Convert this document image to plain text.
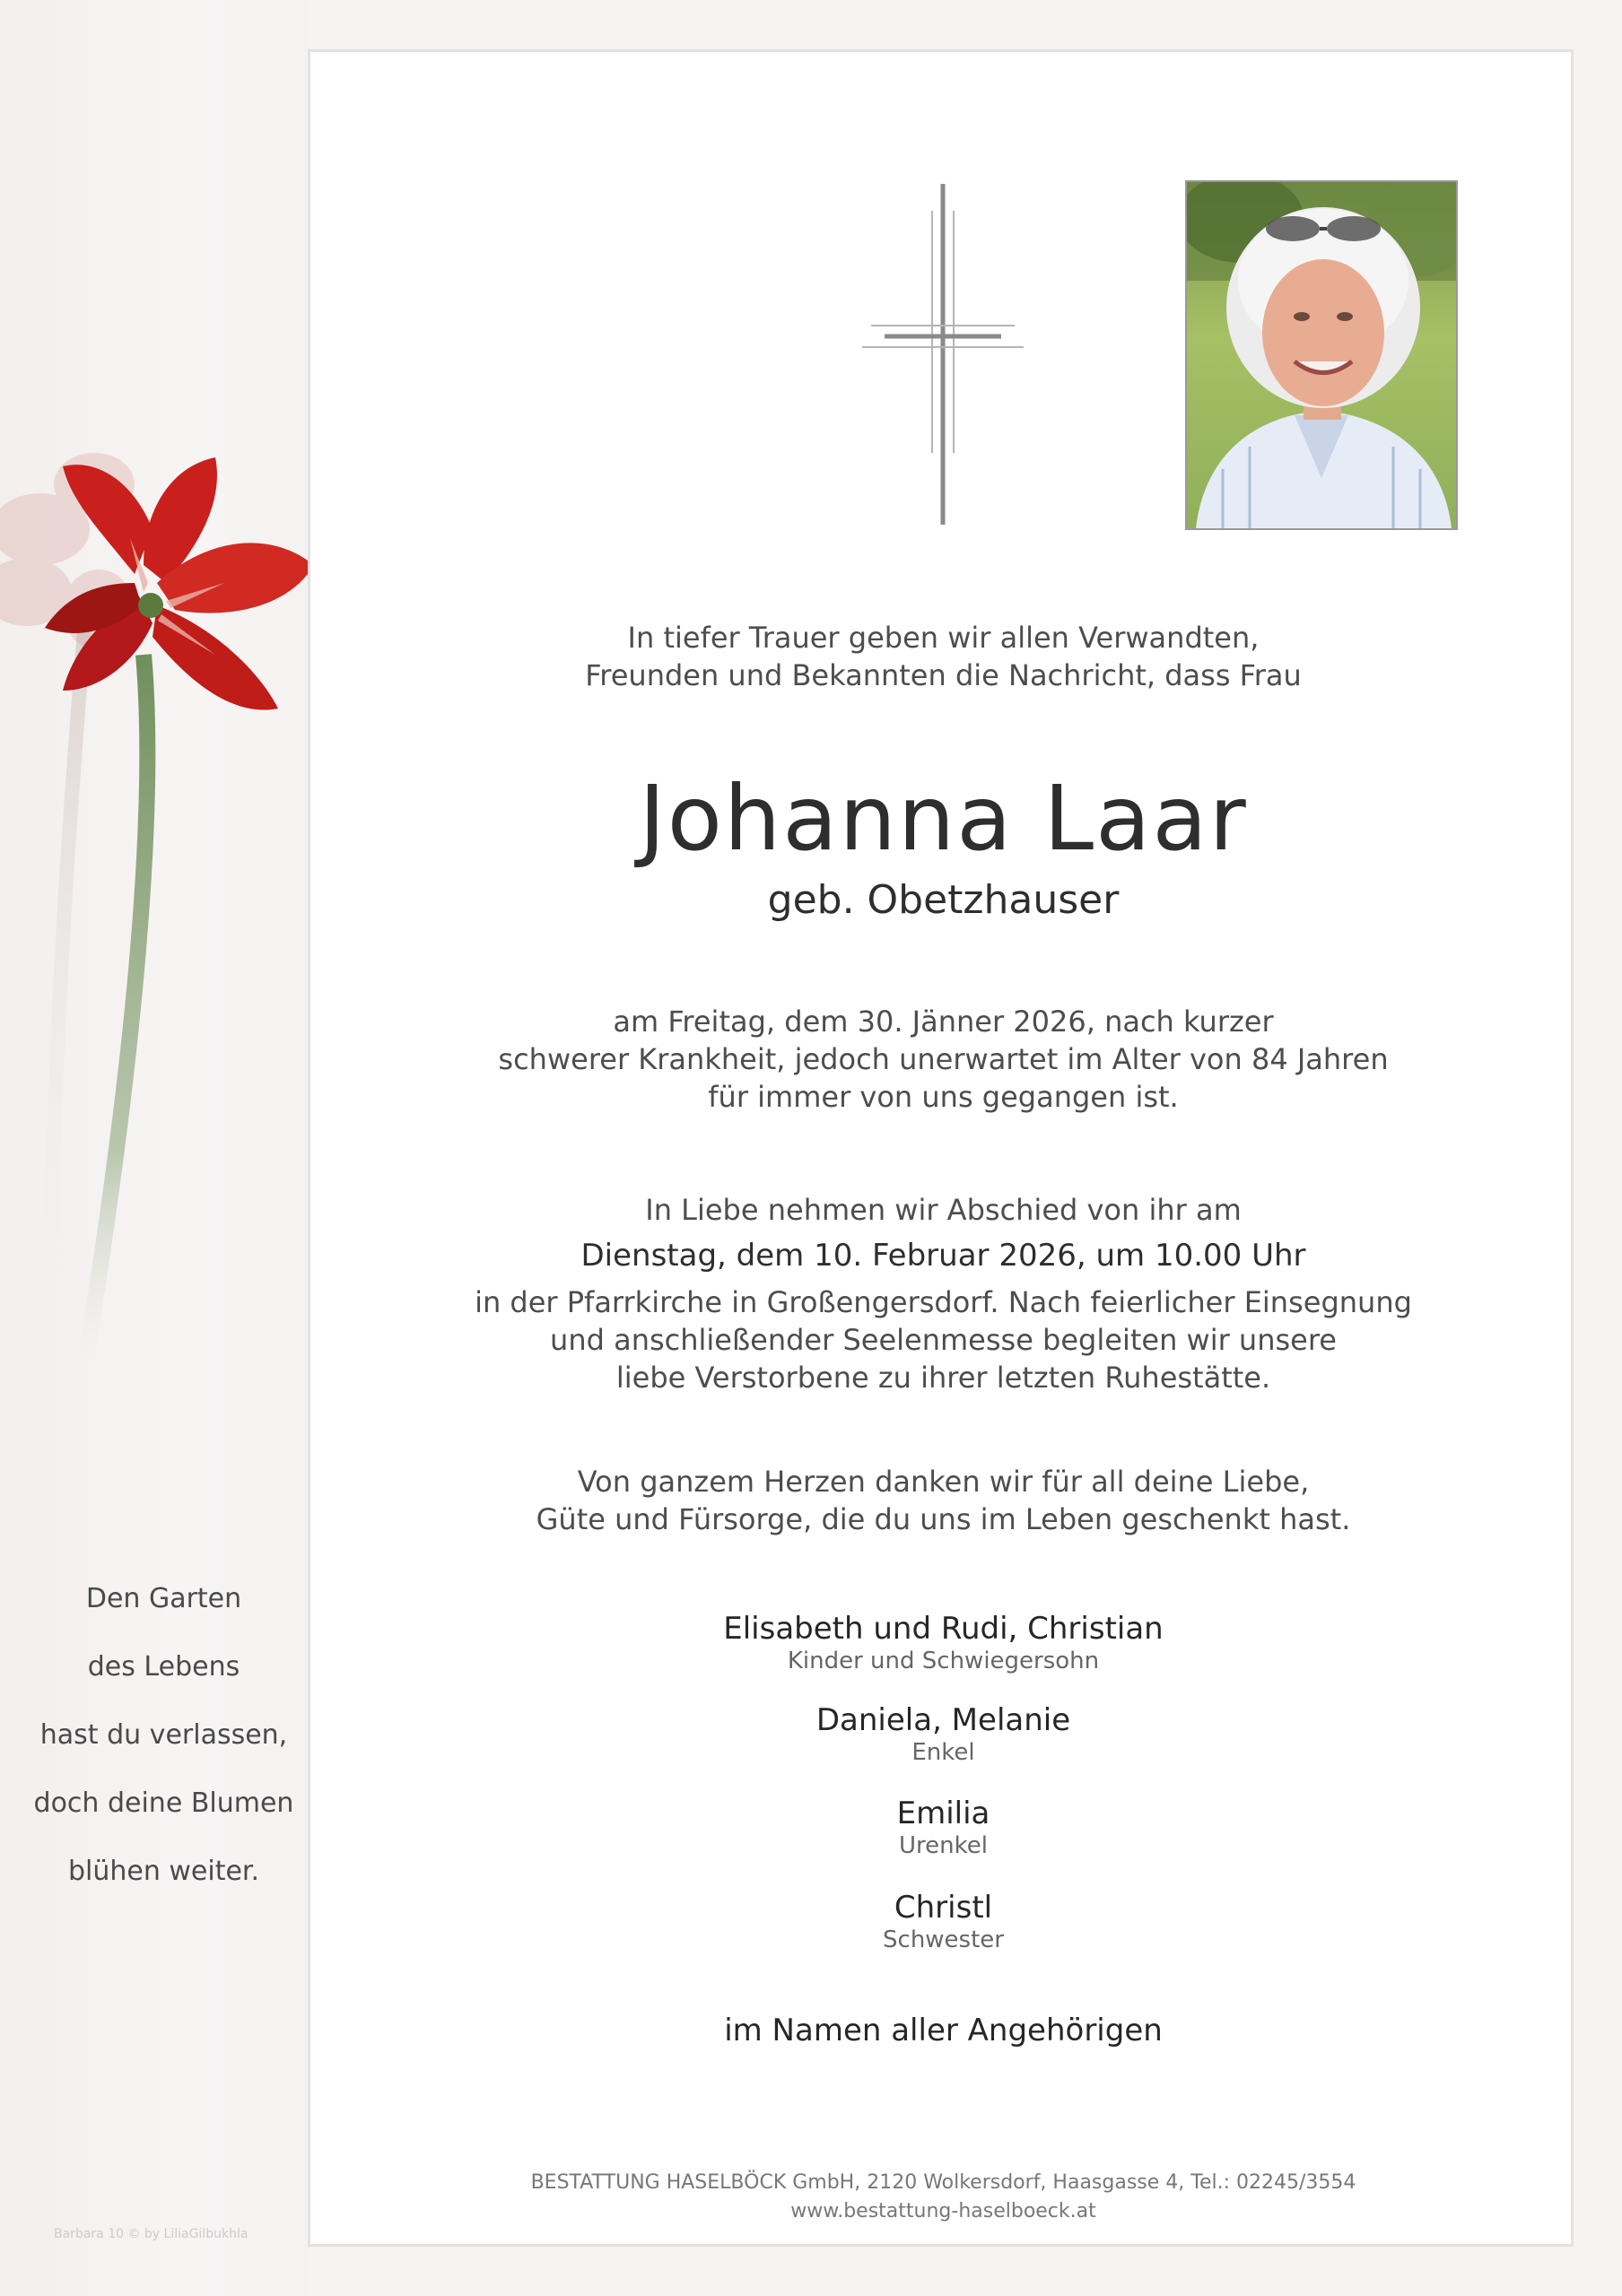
Den Garten
des Lebens
hast du verlassen,
doch deine Blumen
blühen weiter.
Barbara 10 © by LiliaGilbukhla
In tiefer Trauer geben wir allen Verwandten,
Freunden und Bekannten die Nachricht, dass Frau
Johanna Laar
geb. Obetzhauser
am Freitag, dem 30. Jänner 2026, nach kurzer
schwerer Krankheit, jedoch unerwartet im Alter von 84 Jahren
für immer von uns gegangen ist.
In Liebe nehmen wir Abschied von ihr am
Dienstag, dem 10. Februar 2026, um 10.00 Uhr
in der Pfarrkirche in Großengersdorf. Nach feierlicher Einsegnung
und anschließender Seelenmesse begleiten wir unsere
liebe Verstorbene zu ihrer letzten Ruhestätte.
Von ganzem Herzen danken wir für all deine Liebe,
Güte und Fürsorge, die du uns im Leben geschenkt hast.
Elisabeth und Rudi, Christian
Kinder und Schwiegersohn
Daniela, Melanie
Enkel
Emilia
Urenkel
Christl
Schwester
im Namen aller Angehörigen
BESTATTUNG HASELBÖCK GmbH, 2120 Wolkersdorf, Haasgasse 4, Tel.: 02245/3554
www.bestattung-haselboeck.at
